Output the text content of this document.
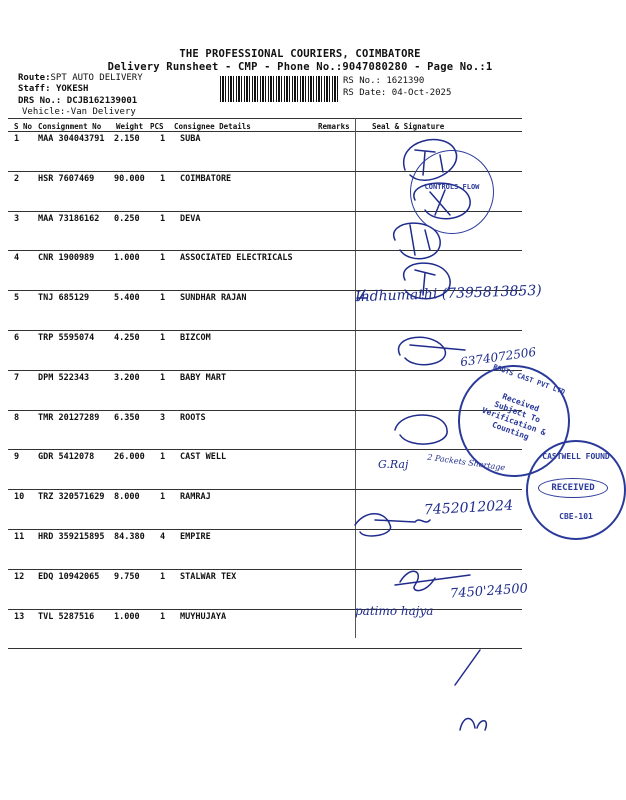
THE PROFESSIONAL COURIERS, COIMBATORE
Delivery Runsheet - CMP - Phone No.:9047080280 - Page No.:1
Route:SPT AUTO DELIVERY
Staff: YOKESH
DRS No.: DCJB162139001
Vehicle:-Van Delivery
RS No.: 1621390
RS Date: 04-Oct-2025
S No Consignment No Weight PCS Consignee Details	Remarks	Seal & Signature
1 MAA 304043791 2.150 1 SUBA
2 HSR 7607469 90.000 1 COIMBATORE
3 MAA 73186162 0.250 1 DEVA
4 CNR 1900989 1.000 1 ASSOCIATED ELECTRICALS
5 TNJ 685129	5.400 1 SUNDHAR RAJAN
6 TRP 5595074 4.250 1 BIZCOM
7 DPM 522343	3.200 1 BABY MART
8 TMR 20127289 6.350 3 ROOTS
9 GDR 5412078 26.000 1 CAST WELL
10 TRZ 320571629 8.000 1 RAMRAJ
11 HRD 359215895 84.380 4 EMPIRE
12 EDQ 10942065 9.750 1 STALWAR TEX
13 TVL 5287516 1.000 1 MUYHUJAYA
Indhumathi (7395813853)
6374072506
G.Raj 2 Packets Shortage
7452012024
7450'24500
patimo hajya
CONTROLS FLOW
ROOTS CAST PVT LTD
Received Subject To Verification & Counting
CASTWELL FOUND
RECEIVED
CBE-101
